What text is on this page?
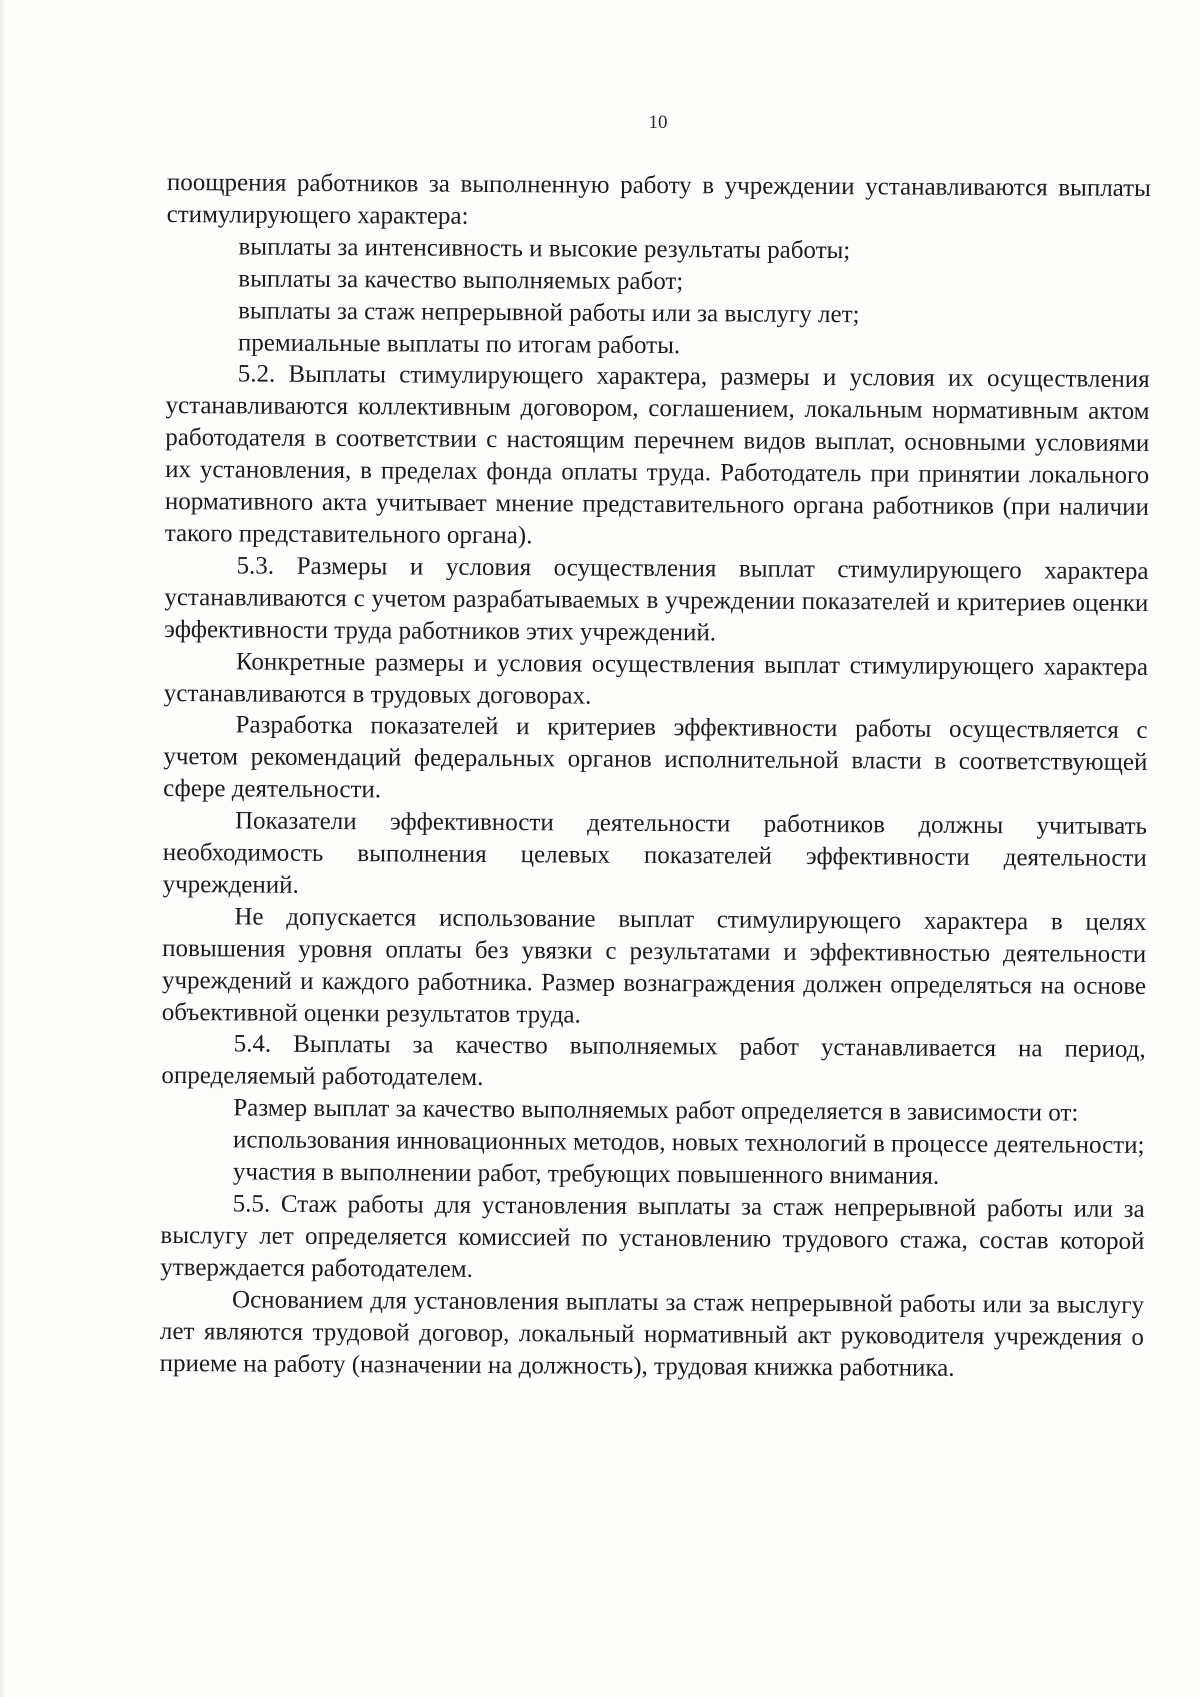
10

поощрения работников за выполненную работу в учреждении устанавливаются выплаты стимулирующего характера:

выплаты за интенсивность и высокие результаты работы;

выплаты за качество выполняемых работ;

выплаты за стаж непрерывной работы или за выслугу лет;

премиальные выплаты по итогам работы.

5.2. Выплаты стимулирующего характера, размеры и условия их осуществления устанавливаются коллективным договором, соглашением, локальным нормативным актом работодателя в соответствии с настоящим перечнем видов выплат, основными условиями их установления, в пределах фонда оплаты труда. Работодатель при принятии локального нормативного акта учитывает мнение представительного органа работников (при наличии такого представительного органа).

5.3. Размеры и условия осуществления выплат стимулирующего характера устанавливаются с учетом разрабатываемых в учреждении показателей и критериев оценки эффективности труда работников этих учреждений.

Конкретные размеры и условия осуществления выплат стимулирующего характера устанавливаются в трудовых договорах.

Разработка показателей и критериев эффективности работы осуществляется с учетом рекомендаций федеральных органов исполнительной власти в соответствующей сфере деятельности.

Показатели эффективности деятельности работников должны учитывать необходимость выполнения целевых показателей эффективности деятельности учреждений.

Не допускается использование выплат стимулирующего характера в целях повышения уровня оплаты без увязки с результатами и эффективностью деятельности учреждений и каждого работника. Размер вознаграждения должен определяться на основе объективной оценки результатов труда.

5.4. Выплаты за качество выполняемых работ устанавливается на период, определяемый работодателем.

Размер выплат за качество выполняемых работ определяется в зависимости от:

использования инновационных методов, новых технологий в процессе деятельности;

участия в выполнении работ, требующих повышенного внимания.

5.5. Стаж работы для установления выплаты за стаж непрерывной работы или за выслугу лет определяется комиссией по установлению трудового стажа, состав которой утверждается работодателем.

Основанием для установления выплаты за стаж непрерывной работы или за выслугу лет являются трудовой договор, локальный нормативный акт руководителя учреждения о приеме на работу (назначении на должность), трудовая книжка работника.
